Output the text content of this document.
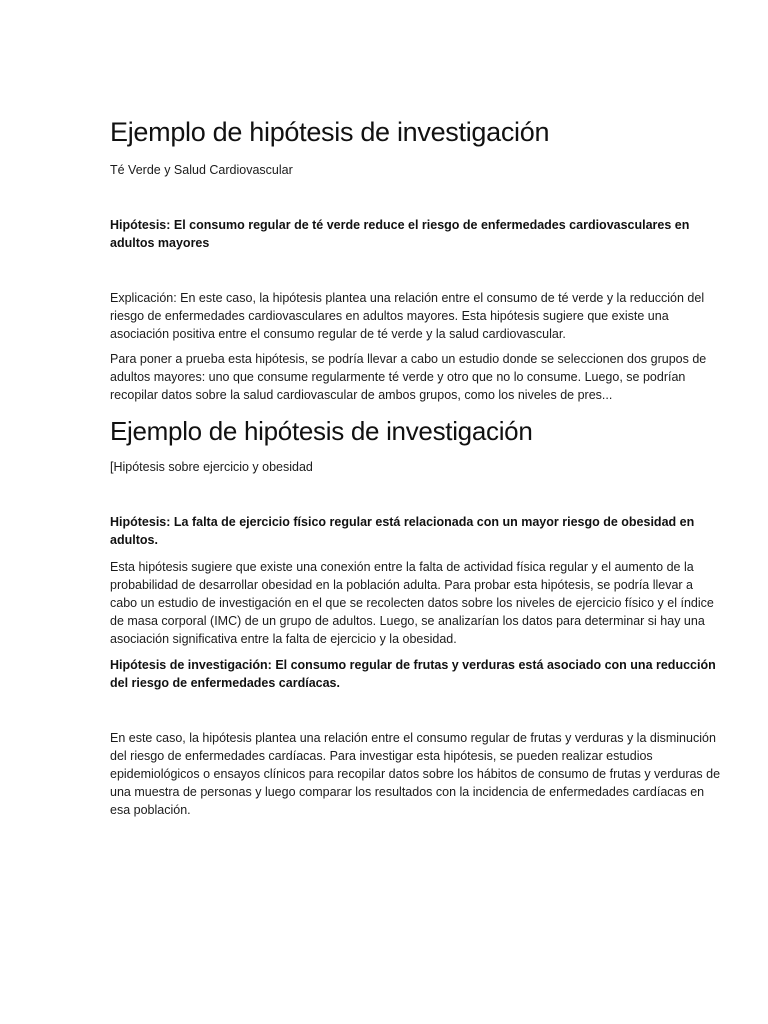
Ejemplo de hipótesis de investigación

Té Verde y Salud Cardiovascular

Hipótesis: El consumo regular de té verde reduce el riesgo de enfermedades cardiovasculares en adultos mayores

Explicación: En este caso, la hipótesis plantea una relación entre el consumo de té verde y la reducción del riesgo de enfermedades cardiovasculares en adultos mayores. Esta hipótesis sugiere que existe una asociación positiva entre el consumo regular de té verde y la salud cardiovascular.

Para poner a prueba esta hipótesis, se podría llevar a cabo un estudio donde se seleccionen dos grupos de adultos mayores: uno que consume regularmente té verde y otro que no lo consume. Luego, se podrían recopilar datos sobre la salud cardiovascular de ambos grupos, como los niveles de pres...

Ejemplo de hipótesis de investigación

[Hipótesis sobre ejercicio y obesidad

Hipótesis: La falta de ejercicio físico regular está relacionada con un mayor riesgo de obesidad en adultos.

Esta hipótesis sugiere que existe una conexión entre la falta de actividad física regular y el aumento de la probabilidad de desarrollar obesidad en la población adulta. Para probar esta hipótesis, se podría llevar a cabo un estudio de investigación en el que se recolecten datos sobre los niveles de ejercicio físico y el índice de masa corporal (IMC) de un grupo de adultos. Luego, se analizarían los datos para determinar si hay una asociación significativa entre la falta de ejercicio y la obesidad.

Hipótesis de investigación: El consumo regular de frutas y verduras está asociado con una reducción del riesgo de enfermedades cardíacas.

En este caso, la hipótesis plantea una relación entre el consumo regular de frutas y verduras y la disminución del riesgo de enfermedades cardíacas. Para investigar esta hipótesis, se pueden realizar estudios epidemiológicos o ensayos clínicos para recopilar datos sobre los hábitos de consumo de frutas y verduras de una muestra de personas y luego comparar los resultados con la incidencia de enfermedades cardíacas en esa población.
